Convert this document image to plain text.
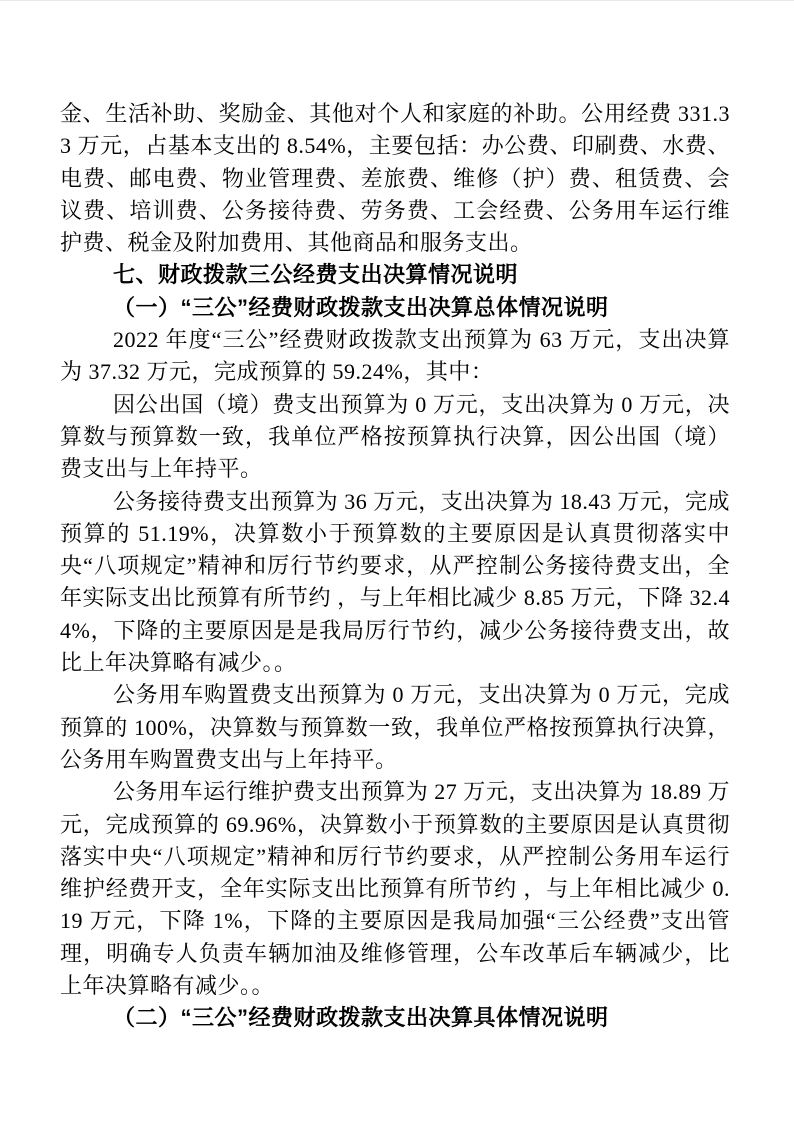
金、生活补助、奖励金、其他对个人和家庭的补助。公用经费 331.33 万元，占基本支出的 8.54%，主要包括：办公费、印刷费、水费、电费、邮电费、物业管理费、差旅费、维修（护）费、租赁费、会议费、培训费、公务接待费、劳务费、工会经费、公务用车运行维护费、税金及附加费用、其他商品和服务支出。

七、财政拨款三公经费支出决算情况说明

（一）“三公”经费财政拨款支出决算总体情况说明

2022 年度“三公”经费财政拨款支出预算为 63 万元，支出决算为 37.32 万元，完成预算的 59.24%，其中：

因公出国（境）费支出预算为 0 万元，支出决算为 0 万元，决算数与预算数一致，我单位严格按预算执行决算，因公出国（境）费支出与上年持平。

公务接待费支出预算为 36 万元，支出决算为 18.43 万元，完成预算的 51.19%，决算数小于预算数的主要原因是认真贯彻落实中央“八项规定”精神和厉行节约要求，从严控制公务接待费支出，全年实际支出比预算有所节约 ，与上年相比减少 8.85 万元，下降 32.44%，下降的主要原因是是我局厉行节约，减少公务接待费支出，故比上年决算略有减少。。

公务用车购置费支出预算为 0 万元，支出决算为 0 万元，完成预算的 100%，决算数与预算数一致，我单位严格按预算执行决算，公务用车购置费支出与上年持平。

公务用车运行维护费支出预算为 27 万元，支出决算为 18.89 万元，完成预算的 69.96%，决算数小于预算数的主要原因是认真贯彻落实中央“八项规定”精神和厉行节约要求，从严控制公务用车运行维护经费开支，全年实际支出比预算有所节约 ，与上年相比减少 0.19 万元，下降 1%，下降的主要原因是我局加强“三公经费”支出管理，明确专人负责车辆加油及维修管理，公车改革后车辆减少，比上年决算略有减少。。

（二）“三公”经费财政拨款支出决算具体情况说明
